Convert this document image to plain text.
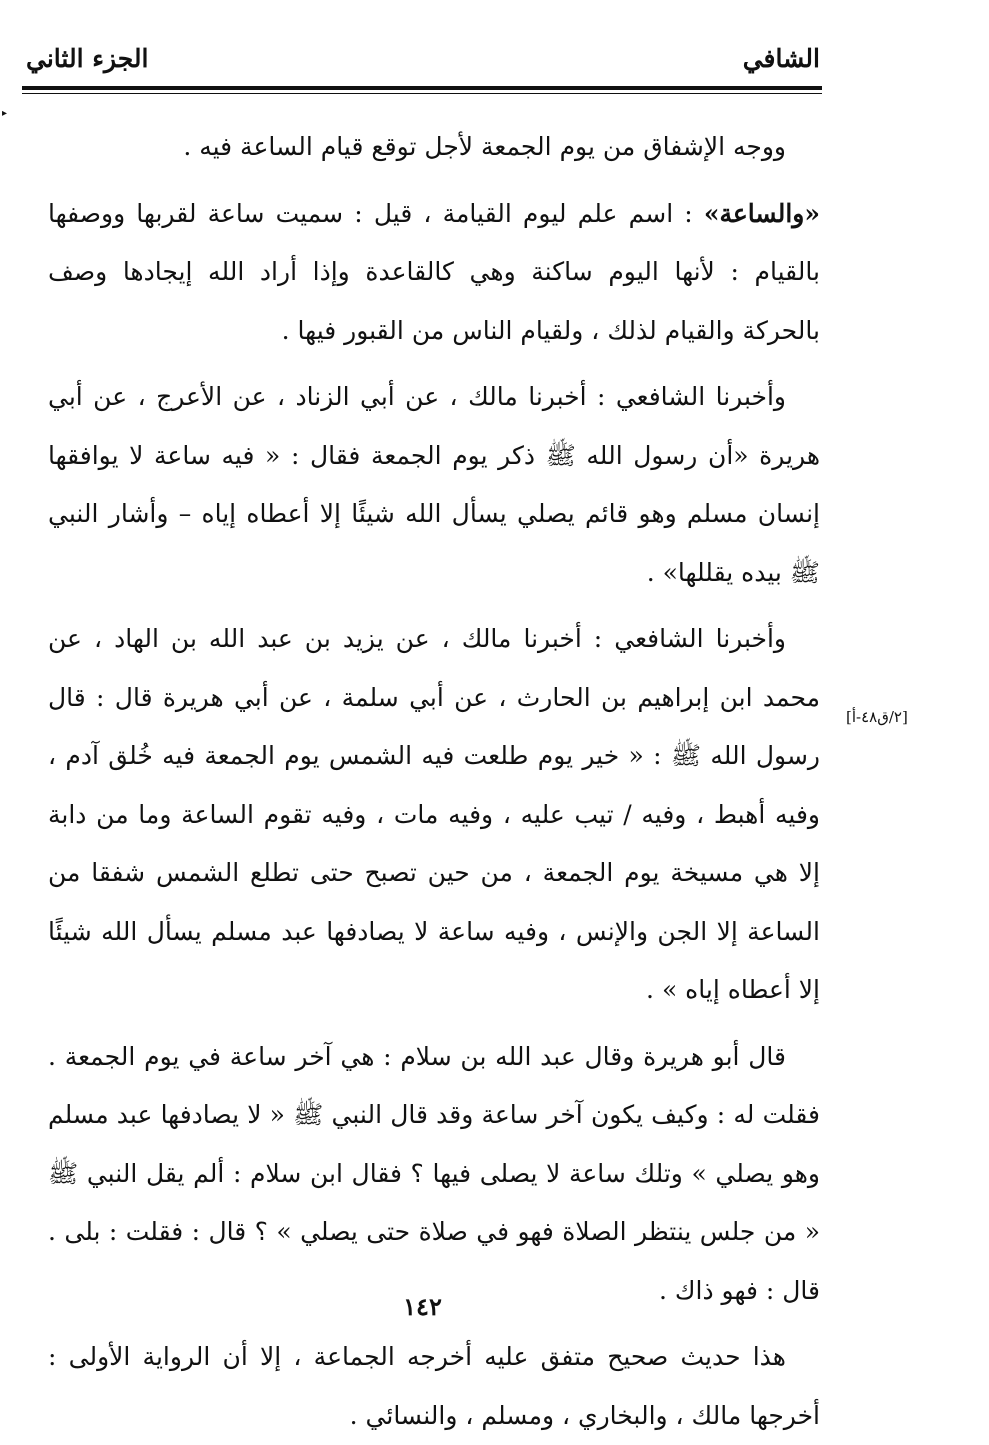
الشافي
الجزء الثاني
▸

ووجه الإشفاق من يوم الجمعة لأجل توقع قيام الساعة فيه .

«والساعة» : اسم علم ليوم القيامة ، قيل : سميت ساعة لقربها ووصفها بالقيام : لأنها اليوم ساكنة وهي كالقاعدة وإذا أراد الله إيجادها وصف بالحركة والقيام لذلك ، ولقيام الناس من القبور فيها .

وأخبرنا الشافعي : أخبرنا مالك ، عن أبي الزناد ، عن الأعرج ، عن أبي هريرة «أن رسول الله ﷺ ذكر يوم الجمعة فقال : « فيه ساعة لا يوافقها إنسان مسلم وهو قائم يصلي يسأل الله شيئًا إلا أعطاه إياه – وأشار النبي ﷺ بيده يقللها» .

وأخبرنا الشافعي : أخبرنا مالك ، عن يزيد بن عبد الله بن الهاد ، عن محمد ابن إبراهيم بن الحارث ، عن أبي سلمة ، عن أبي هريرة قال : قال رسول الله ﷺ : « خير يوم طلعت فيه الشمس يوم الجمعة فيه خُلق آدم ، وفيه أهبط ، وفيه / تيب عليه ، وفيه مات ، وفيه تقوم الساعة وما من دابة إلا هي مسيخة يوم الجمعة ، من حين تصبح حتى تطلع الشمس شفقا من الساعة إلا الجن والإنس ، وفيه ساعة لا يصادفها عبد مسلم يسأل الله شيئًا إلا أعطاه إياه » .

قال أبو هريرة وقال عبد الله بن سلام : هي آخر ساعة في يوم الجمعة . فقلت له : وكيف يكون آخر ساعة وقد قال النبي ﷺ « لا يصادفها عبد مسلم وهو يصلي » وتلك ساعة لا يصلى فيها ؟ فقال ابن سلام : ألم يقل النبي ﷺ « من جلس ينتظر الصلاة فهو في صلاة حتى يصلي » ؟ قال : فقلت : بلى . قال : فهو ذاك .

هذا حديث صحيح متفق عليه أخرجه الجماعة ، إلا أن الرواية الأولى : أخرجها مالك ، والبخاري ، ومسلم ، والنسائي .

[٢/ق٤٨-أ]
١٤٢
